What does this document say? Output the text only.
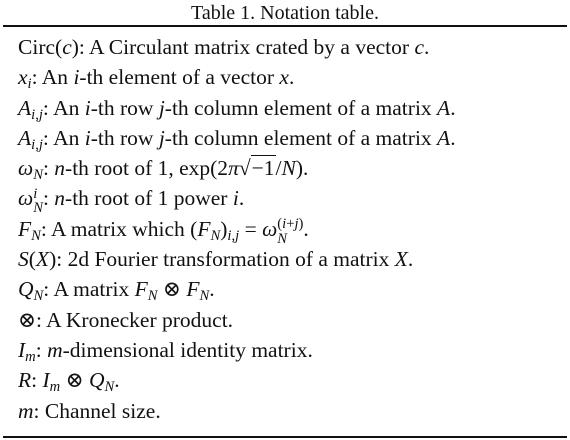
Table 1. Notation table.
Circ(c): A Circulant matrix crated by a vector c.
$x_i$: An i-th element of a vector x.
$A_{i,j}$: An i-th row j-th column element of a matrix A.
$A_{i,j}$: An i-th row j-th column element of a matrix A.
$\omega_N$: n-th root of 1, exp(2π√−1/N).
ω i
N : n-th root of 1 power i.
$F_N$: A matrix which $(F_N)_{i,j} = \omega$ (i+j)
N .
S(X): 2d Fourier transformation of a matrix X.
$Q_N$: A matrix $F_N$ ⊗ $F_N$.
⊗: A Kronecker product.
$I_m$: m-dimensional identity matrix.
R: $I_m$ ⊗ $Q_N$.
m: Channel size.
